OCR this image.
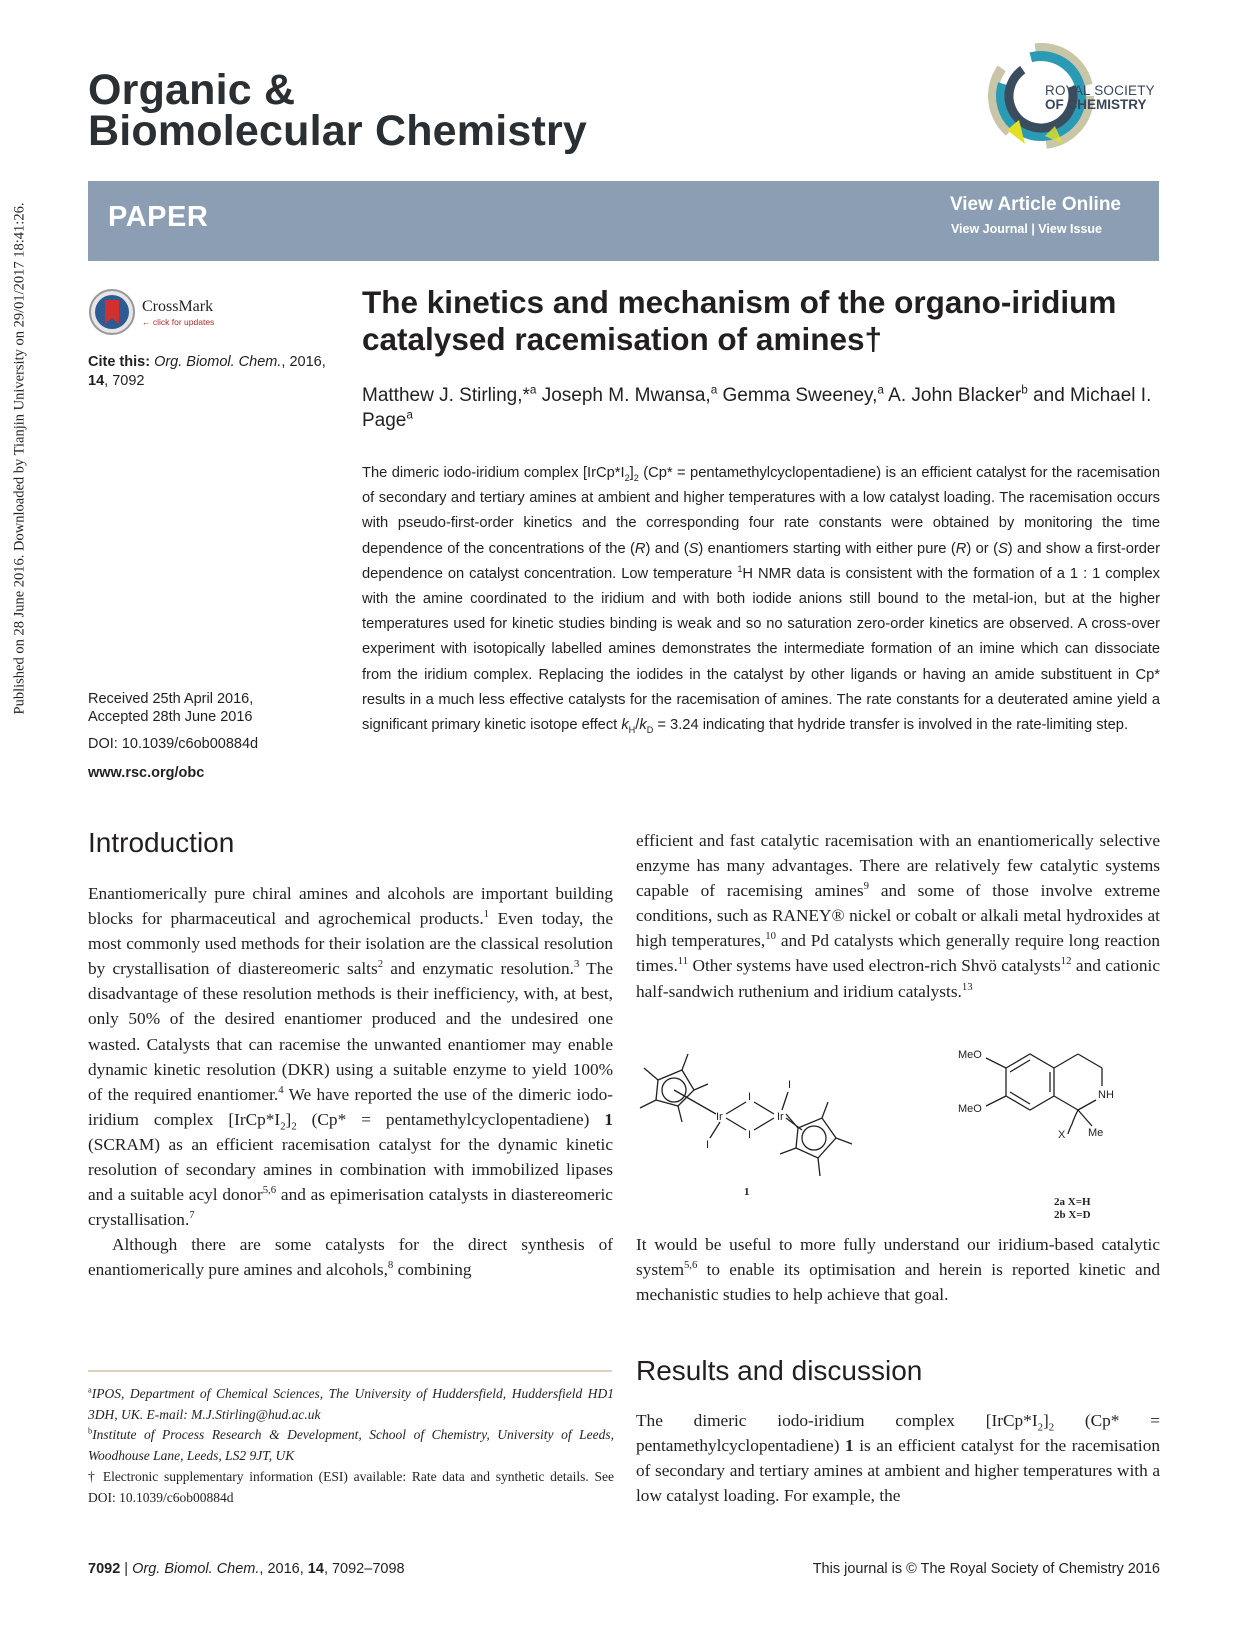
Published on 28 June 2016. Downloaded by Tianjin University on 29/01/2017 18:41:26.
Organic &
Biomolecular Chemistry
ROYAL SOCIETY
OF CHEMISTRY
PAPER	View Article Online
View Journal | View Issue
CrossMark
← click for updates
Cite this: Org. Biomol. Chem., 2016,
14, 7092
The kinetics and mechanism of the organo-iridium catalysed racemisation of amines†
Matthew J. Stirling,*$^a$ Joseph M. Mwansa,$^a$ Gemma Sweeney,$^a$ A. John Blacker$^b$ and Michael I. Page$^a$
The dimeric iodo-iridium complex $[IrCp*I_2]_2$ (Cp* = pentamethylcyclopentadiene) is an efficient catalyst for the racemisation of secondary and tertiary amines at ambient and higher temperatures with a low catalyst loading. The racemisation occurs with pseudo-first-order kinetics and the corresponding four rate constants were obtained by monitoring the time dependence of the concentrations of the (R) and (S) enantiomers starting with either pure (R) or (S) and show a first-order dependence on catalyst concentration. Low temperature $^1$H NMR data is consistent with the formation of a 1 : 1 complex with the amine coordinated to the iridium and with both iodide anions still bound to the metal-ion, but at the higher temperatures used for kinetic studies binding is weak and so no saturation zero-order kinetics are observed. A cross-over experiment with isotopically labelled amines demonstrates the intermediate formation of an imine which can dissociate from the iridium complex. Replacing the iodides in the catalyst by other ligands or having an amide substituent in Cp* results in a much less effective catalysts for the racemisation of amines. The rate constants for a deuterated amine yield a significant primary kinetic isotope effect $k_H/k_D = 3.24$ indicating that hydride transfer is involved in the rate-limiting step.
Received 25th April 2016,
Accepted 28th June 2016
DOI: 10.1039/c6ob00884d
www.rsc.org/obc
Introduction

Enantiomerically pure chiral amines and alcohols are important building blocks for pharmaceutical and agrochemical products.$^1$ Even today, the most commonly used methods for their isolation are the classical resolution by crystallisation of diastereomeric salts$^2$ and enzymatic resolution.$^3$ The disadvantage of these resolution methods is their inefficiency, with, at best, only 50% of the desired enantiomer produced and the undesired one wasted. Catalysts that can racemise the unwanted enantiomer may enable dynamic kinetic resolution (DKR) using a suitable enzyme to yield 100% of the required enantiomer.$^4$ We have reported the use of the dimeric iodo-iridium complex $[IrCp*I_2]_2$ (Cp* = pentamethylcyclopentadiene) 1 (SCRAM) as an efficient racemisation catalyst for the dynamic kinetic resolution of secondary amines in combination with immobilized lipases and a suitable acyl donor$^{5,6}$ and as epimerisation catalysts in diastereomeric crystallisation.$^7$

Although there are some catalysts for the direct synthesis of enantiomerically pure amines and alcohols,$^8$ combining

efficient and fast catalytic racemisation with an enantiomerically selective enzyme has many advantages. There are relatively few catalytic systems capable of racemising amines$^9$ and some of those involve extreme conditions, such as RANEY® nickel or cobalt or alkali metal hydroxides at high temperatures,$^{10}$ and Pd catalysts which generally require long reaction times.$^{11}$ Other systems have used electron-rich Shvö catalysts$^{12}$ and cationic half-sandwich ruthenium and iridium catalysts.$^{13}$

Ir	Ir
I
I
I
I
MeO
MeO
NH
X Me
1
2a X=H
2b X=D
It would be useful to more fully understand our iridium-based catalytic system$^{5,6}$ to enable its optimisation and herein is reported kinetic and mechanistic studies to help achieve that goal.
Results and discussion
The dimeric iodo-iridium complex $[IrCp*I_2]_2$ (Cp* = pentamethylcyclopentadiene) 1 is an efficient catalyst for the racemisation of secondary and tertiary amines at ambient and higher temperatures with a low catalyst loading. For example, the

$^a$IPOS, Department of Chemical Sciences, The University of Huddersfield, Huddersfield HD1 3DH, UK. E-mail: M.J.Stirling@hud.ac.uk

$^b$Institute of Process Research & Development, School of Chemistry, University of Leeds, Woodhouse Lane, Leeds, LS2 9JT, UK

† Electronic supplementary information (ESI) available: Rate data and synthetic details. See DOI: 10.1039/c6ob00884d

7092 | Org. Biomol. Chem., 2016, 14, 7092–7098	This journal is © The Royal Society of Chemistry 2016
